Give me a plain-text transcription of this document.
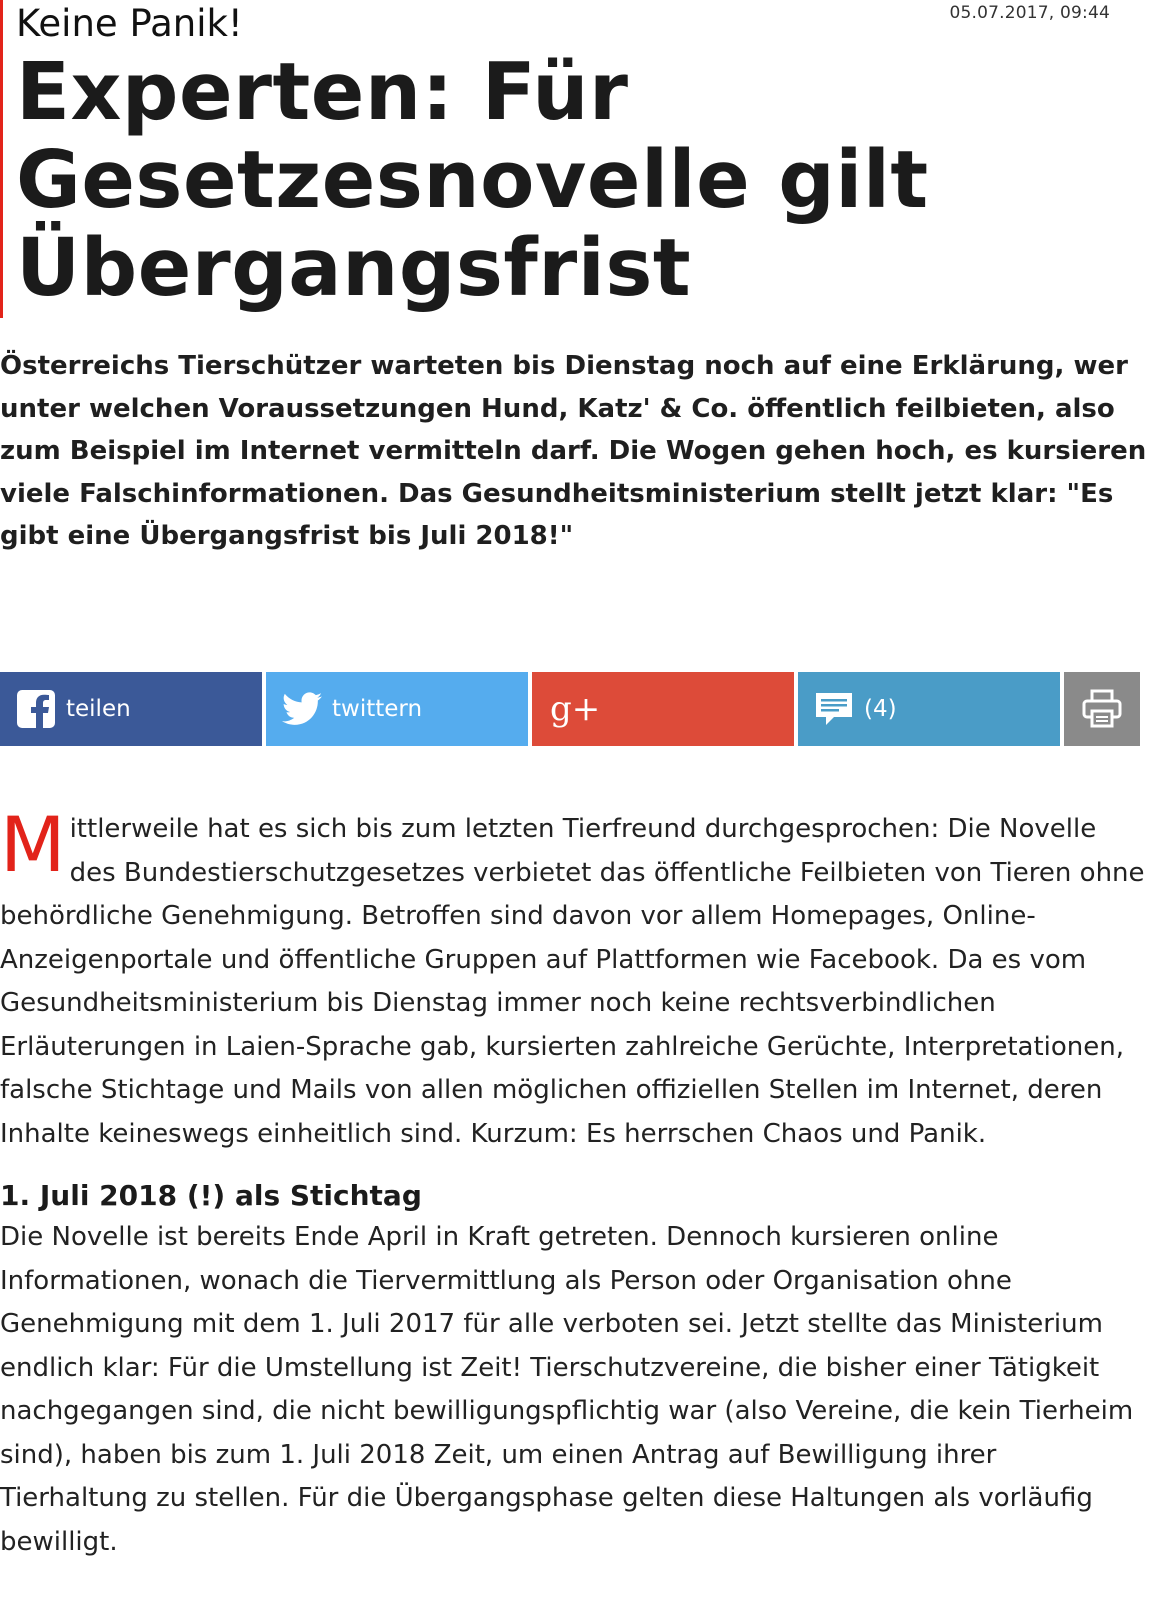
05.07.2017, 09:44
Keine Panik!
Experten: Für Gesetzesnovelle gilt Übergangsfrist

Österreichs Tierschützer warteten bis Dienstag noch auf eine Erklärung, wer unter welchen Voraussetzungen Hund, Katz' & Co. öffentlich feilbieten, also zum Beispiel im Internet vermitteln darf. Die Wogen gehen hoch, es kursieren viele Falschinformationen. Das Gesundheitsministerium stellt jetzt klar: "Es gibt eine Übergangsfrist bis Juli 2018!"

teilen	twittern	g+	(4)

Mittlerweile hat es sich bis zum letzten Tierfreund durchgesprochen: Die Novelle des Bundestierschutzgesetzes verbietet das öffentliche Feilbieten von Tieren ohne behördliche Genehmigung. Betroffen sind davon vor allem Homepages, Online-Anzeigenportale und öffentliche Gruppen auf Plattformen wie Facebook. Da es vom Gesundheitsministerium bis Dienstag immer noch keine rechtsverbindlichen Erläuterungen in Laien-Sprache gab, kursierten zahlreiche Gerüchte, Interpretationen, falsche Stichtage und Mails von allen möglichen offiziellen Stellen im Internet, deren Inhalte keineswegs einheitlich sind. Kurzum: Es herrschen Chaos und Panik.

1. Juli 2018 (!) als Stichtag

Die Novelle ist bereits Ende April in Kraft getreten. Dennoch kursieren online Informationen, wonach die Tiervermittlung als Person oder Organisation ohne Genehmigung mit dem 1. Juli 2017 für alle verboten sei. Jetzt stellte das Ministerium endlich klar: Für die Umstellung ist Zeit! Tierschutzvereine, die bisher einer Tätigkeit nachgegangen sind, die nicht bewilligungspflichtig war (also Vereine, die kein Tierheim sind), haben bis zum 1. Juli 2018 Zeit, um einen Antrag auf Bewilligung ihrer Tierhaltung zu stellen. Für die Übergangsphase gelten diese Haltungen als vorläufig bewilligt.
